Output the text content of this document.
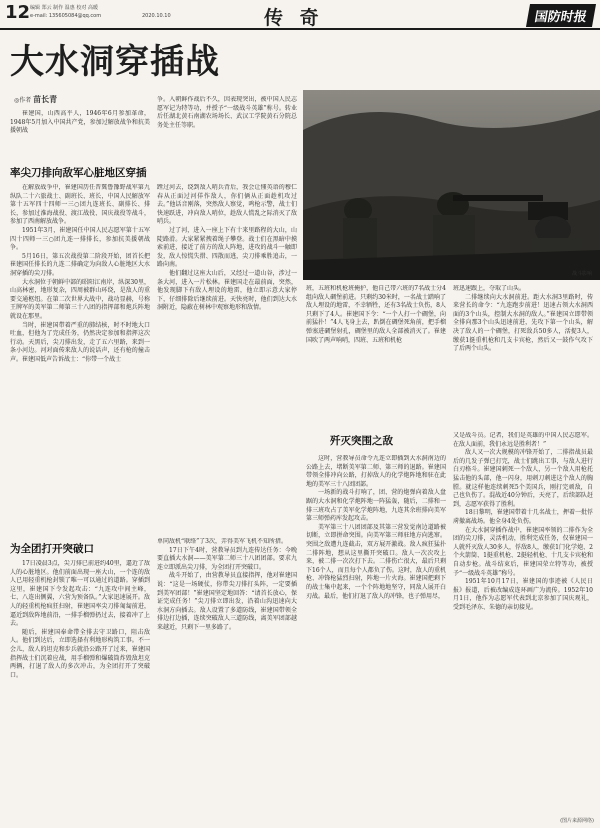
12 编辑 郑云 制作 温惠 校对 高暖
e-mail: 135605084@qq.com	2020.10.10	传 奇	国防时报
大水洞穿插战
◎作者 苗长青
战斗影响

崔建国，山西高平人，1946年6月参加革命，1948年5月加入中国共产党，参加过解放战争和抗美援朝战

争。入朝鲜作战后不久，因表现突出，被中国人民志愿军记为特等功，并授予“一级战斗英雄”称号。转业后任湖北黄石南湖农场场长、武汉工学院黄石分院总务处主任等职。

率尖刀排向敌军心脏地区穿插

在解放战争中，崔建国历任晋冀鲁豫野战军第九纵队二十六旅战士、副班长、班长，中国人民解放军第十五军四十四师一三○团九连班长、副排长、排长，参加过淮海战役、渡江战役、国庆战役等战斗，参加了西南解放战争。

1951年3月，崔建国任中国人民志愿军第十五军四十四师一三○团九连一排排长，参加抗美援朝战争。

5月16日，第五次战役第二阶段开始，团首长把崔建国任排长的九连二排确定为向敌人心脏地区大水洞穿插的尖刀排。

大水洞位于朝鲜中部的昭阳江南岸，纵深30里，山高林密，地形复杂，四周被群山环绕，是敌人的重要交通枢纽。在第二次世界大战中，战功显赫，号称王牌军的美军第二师第三十八团的指挥部和炮兵阵地就设在那里。

当时，崔建国带着严重的肺结核，时不时地大口吐血，但他为了完成任务，仍然决定参加和指挥这次行动。天黑后，尖刀排出发，走了五六里路，来到一条小河边。河对面传来敌人的说话声，还有枪的撞击声。崔建国低声告诉战士：“你带一个战士

蹚过河去，绕到敌人哨兵背后，我会让懂英语的穆仁春从正面过河佯作敌人，你们俩从正面趁机攻过去。”他话音刚落，突然敌人察觉，鸣枪示警，战士们快速跃进，冲向敌人哨位，趁敌人慌乱之际消灭了敌哨兵。

过了河，进入一座上下有十来里路程的大山，山陡路滑。大家紧紧拽着绳子攀登。战士们在黑暗中摸索前进，接近了前方的敌人阵地，进攻的战斗一触即发，敌人惊慌失措、四散而逃，尖刀排乘胜追击，一路向南。

他们翻过这座大山后，又经过一道山谷，涉过一条大河，进入一片松林。崔建国走在最前面，突然，他发现脚下有敌人埋设的地雷，他立即示意大家停下，仔细排除后继续前进。天快亮时，他们到达大水洞附近，隐蔽在树林中观察地形和敌情。

为全团打开突破口

17日凌晨3点，尖刀排已前进约40里，逼近了敌人的心脏地区。他们前面出现一座大山，一个连的敌人已用轻重机枪封锁了唯一可以通过的道路。穿插到这里，崔建国下令发起攻击：“九连攻中间主峰，七、八连出侧翼，六营为预备队。”大家迅速展开。敌人的轻重机枪疯狂扫射，崔建国率尖刀排匍匐前进，逼近到敌阵地前沿，一排手榴弹扔过去，接着冲了上去。

随后，崔建国奉命带全排去守卫路口，阻击敌人。他们到达后，立即选择有利地形构筑工事。不一会儿，敌人的坦克和步兵就沿公路开了过来，崔建国指挥战士们沉着应战，用手榴弹和爆破筒炸毁敌坦克两辆，打退了敌人的多次冲击，为全团打开了突破口。

单同敌机“联络”了3次，弄得美军飞机不知所措。

17日下午4时，营教导员到九连传达任务：今晚要直插大水洞——美军第二师三十八团团部。要求九连立即派出尖刀排，为全团打开突破口。

战斗开始了，由营教导员直接指挥，他对崔建国说：“这是一场硬仗，你带尖刀排打头阵，一定要插到美军团部！”崔建国坚定地回答：“请首长放心，保证完成任务！”尖刀排立即出发，沿着山沟迅速向大水洞方向插去。敌人设置了多道防线，崔建国带领全排边打边插，连续突破敌人三道防线，离美军团部越来越近，只剩下一里多路了。

班，五班和机枪班掩护，他自己带六班的7名战士分4组向敌人碉堡前进。只剩约30米时，一名战士踏响了敌人埋设的地雷，不幸牺牲，还有3名战士负伤，8人只剩下了4人。崔建国下令：“一个人打一个碉堡，向前猛扑！”4人飞身上去，趴倒在碉堡死角前，把手榴弹塞进碉堡射孔，碉堡里的敌人全部被消灭了。崔建国吹了两声响哨，四班、五班和机枪

班迅速跟上，夺取了山头。

二排继续向大水洞前进。距大水洞3里路时，传来营长的命令：“九连跑步前进！迅速占领大水洞西面的3个山头，控制大水洞的敌人。”崔建国立即带领全排向那3个山头迅速前进，先攻下第一个山头，解决了敌人的一个碉堡，打死敌兵50多人，活捉3人，缴获1挺重机枪和几支卡宾枪，然后又一鼓作气攻下了后两个山头。

歼灭突围之敌

这时，营教导员命令九连立即插到大水洞南边的公路上去，堵断美军第二师、第三师的退路。崔建国带领全排冲向公路，打掉敌人的化学炮阵地和驻在此地的美军三十八团团部。

一场新的战斗打响了，团、营的炮弹向着敌人盘踞的大水洞和化学炮阵地一阵猛轰，随后，二排和一排三班攻占了美军化学炮阵地，九连其余班排向美军第三师弹药库发起攻击。

美军第三十八团团部及其第三营发觉南边道路被切断，立即拼命突围。向美军第三师驻地方向逃窜。突围之敌遭九连截击，双方展开激战。敌人疯狂猛扑二排阵地，想从这里撕开突破口。敌人一次次攻上来，被二排一次次打下去。二排伤亡很大，最后只剩下16个人，而且每个人都负了伤。这时，敌人的重机枪、冲锋枪猛烈扫射，阵地一片火海。崔建国把剩下的战士集中起来，一个个阵地地坚守，同敌人展开白刃战。最后，他们打退了敌人的冲锋，也子弹用尽，

又是战斗员。记者，我们是英雄的中国人民志愿军。在敌人面前，我们永远是胜利者！”

敌人又一次大规模的冲锋开始了，二排指战员最后的几发子弹已打完，战士们跳出工事，与敌人进行白刃格斗。崔建国刺死一个敌人，另一个敌人用枪托猛击他的头部，他一闪身，用刺刀刺进这个敌人的胸膛。就这样他连续刺死5个美国兵，刚打完顽敌，自己也负伤了。混战近40分钟后，天亮了，后续部队赶到，志愿军获得了胜利。

18日黎明，崔建国带着十几名战士，押着一批俘虏撤离战场。他全身4处负伤。

在大水洞穿插作战中，崔建国率领的二排作为全团的尖刀排，灵活机动，胜利完成任务，仅崔建国一人就歼灭敌人30多人，俘敌8人，缴获1门化学炮、2个火箭筒、1挺重机枪、2挺轻机枪、十几支卡宾枪和自动步枪。战斗结束后，崔建国荣立特等功，被授予“一级战斗英雄”称号。

1951年10月17日，崔建国的事迹被《人民日报》报道，后被改编成连环画广为流传。1952年10月1日，他作为志愿军代表到北京参加了国庆观礼，受到毛泽东、朱德的亲切接见。

(图片来源网络)
